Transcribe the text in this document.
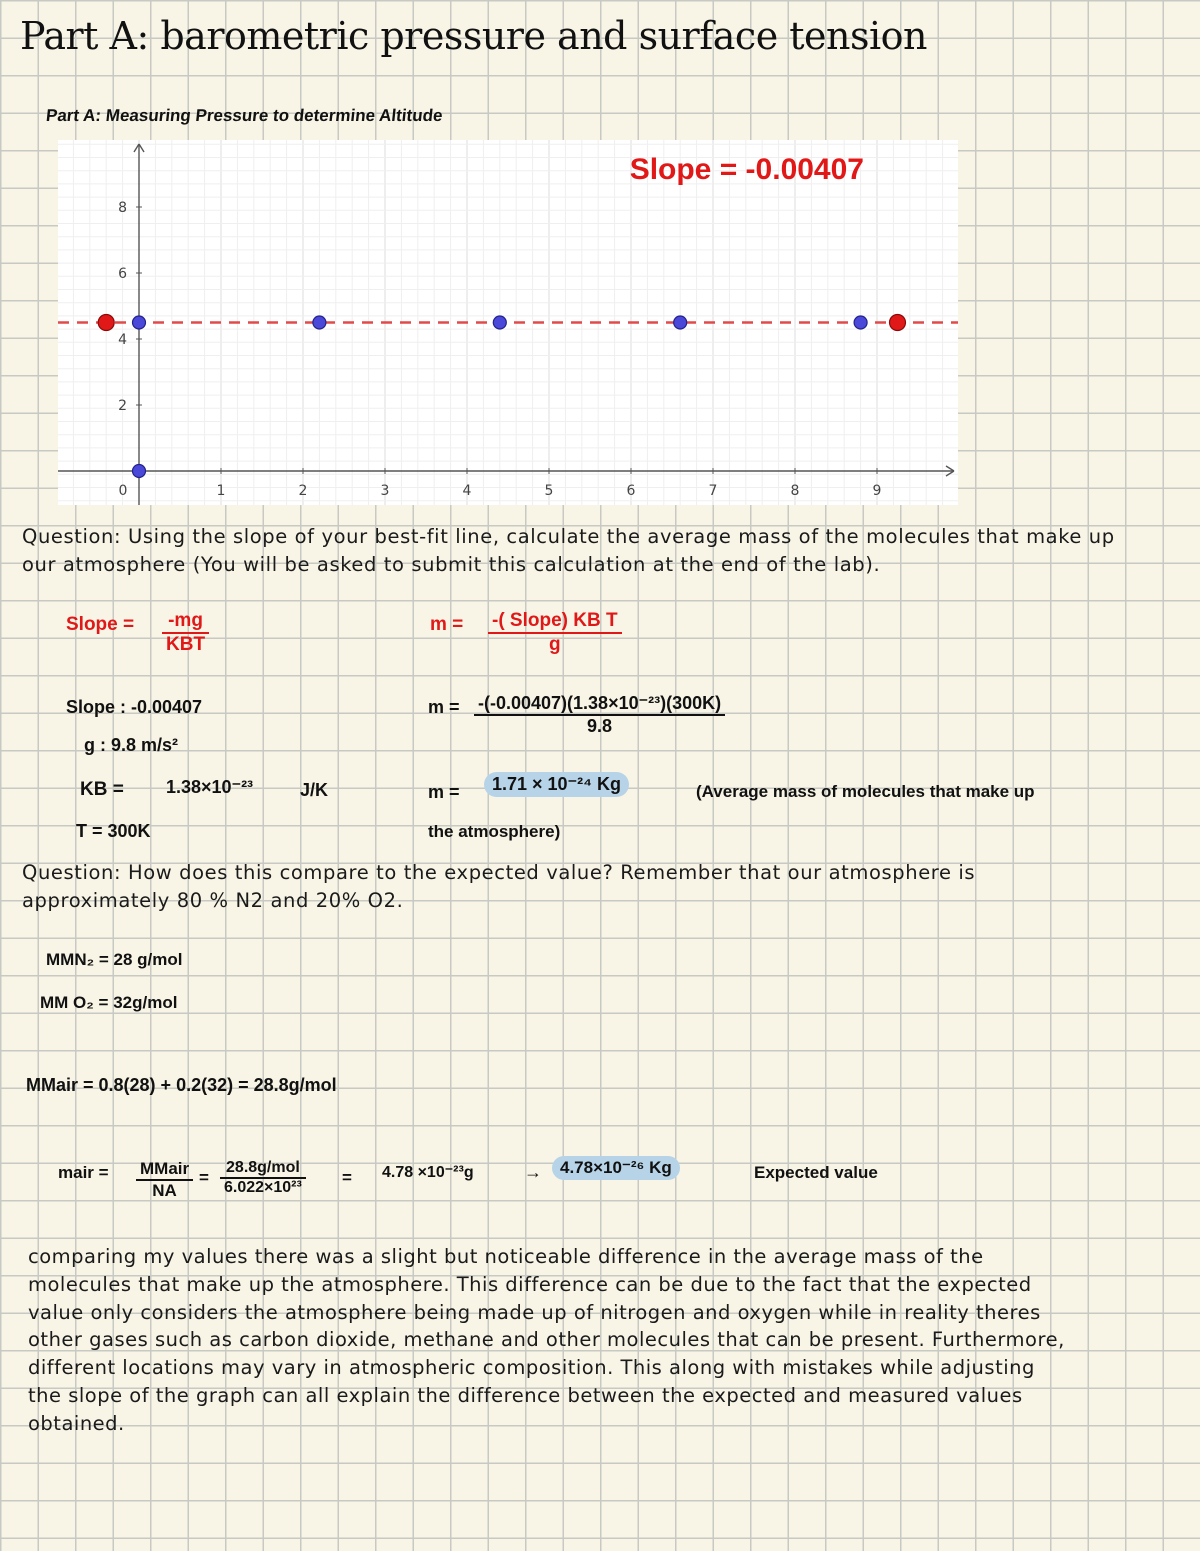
Part A: barometric pressure and surface tension
Part A: Measuring Pressure to determine Altitude
0	1	2	3	4	5	6	7	8	9
2
4
6
8
Slope = -0.00407
Question: Using the slope of your best-fit line, calculate the average mass of the molecules that make up
our atmosphere (You will be asked to submit this calculation at the end of the lab).
Slope =	-mg
KBT
m = -( Slope) KB T
g
Slope : -0.00407
g : 9.8 m/s²
KB = 1.38×10⁻²³	J/K
T = 300K
$m = \frac{\text{-(-0.00407)(1.38×10⁻²³)(300K)}}{9.8}$
m =	1.71 × 10⁻²⁴ Kg	(Average mass of molecules that make up
the atmosphere)
Question: How does this compare to the expected value? Remember that our atmosphere is
approximately 80 % N2 and 20% O2.
MMN₂ = 28 g/mol
MM O₂ = 32g/mol
MMair = 0.8(28) + 0.2(32) = 28.8g/mol
mair = MMair
NA
=
28.8g/mol
6.022×10²³
= 4.78 ×10⁻²³g	→	4.78×10⁻²⁶ Kg	Expected value

comparing my values there was a slight but noticeable difference in the average mass of the

molecules that make up the atmosphere. This difference can be due to the fact that the expected

value only considers the atmosphere being made up of nitrogen and oxygen while in reality theres

other gases such as carbon dioxide, methane and other molecules that can be present. Furthermore,

different locations may vary in atmospheric composition. This along with mistakes while adjusting

the slope of the graph can all explain the difference between the expected and measured values

obtained.
